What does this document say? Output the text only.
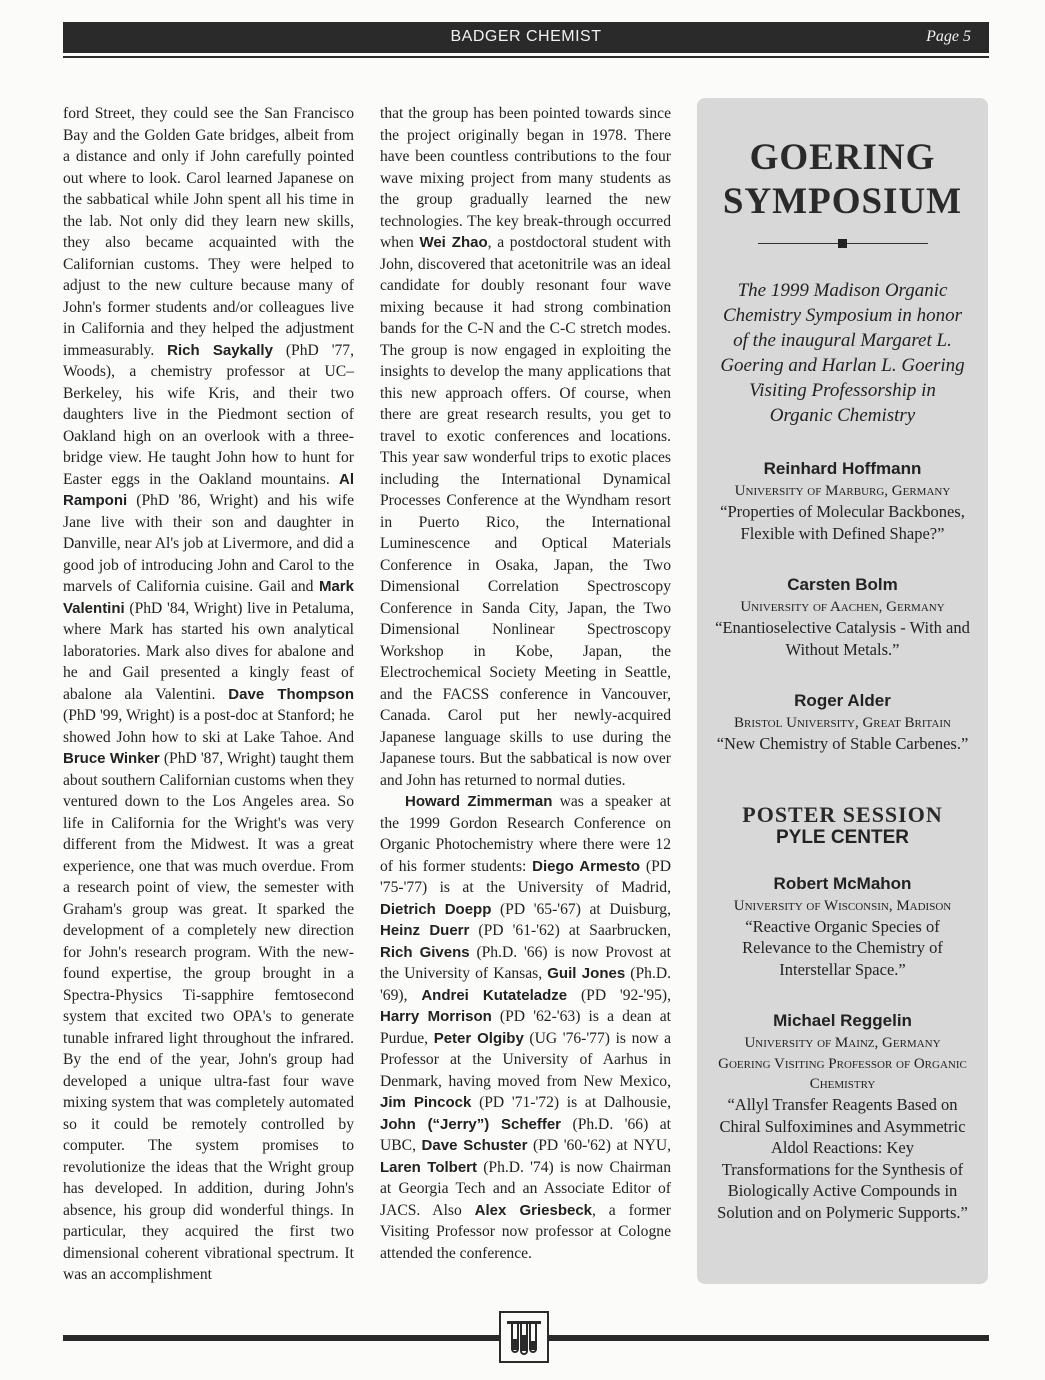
BADGER CHEMIST	Page 5

ford Street, they could see the San Francisco Bay and the Golden Gate bridges, albeit from a distance and only if John carefully pointed out where to look. Carol learned Japanese on the sabbatical while John spent all his time in the lab. Not only did they learn new skills, they also became acquainted with the Californian customs. They were helped to adjust to the new culture because many of John's former students and/or colleagues live in California and they helped the adjustment immeasurably. Rich Saykally (PhD '77, Woods), a chemistry professor at UC–Berkeley, his wife Kris, and their two daughters live in the Piedmont section of Oakland high on an overlook with a three-bridge view. He taught John how to hunt for Easter eggs in the Oakland mountains. Al Ramponi (PhD '86, Wright) and his wife Jane live with their son and daughter in Danville, near Al's job at Livermore, and did a good job of introducing John and Carol to the marvels of California cuisine. Gail and Mark Valentini (PhD '84, Wright) live in Petaluma, where Mark has started his own analytical laboratories. Mark also dives for abalone and he and Gail presented a kingly feast of abalone ala Valentini. Dave Thompson (PhD '99, Wright) is a post-doc at Stanford; he showed John how to ski at Lake Tahoe. And Bruce Winker (PhD '87, Wright) taught them about southern Californian customs when they ventured down to the Los Angeles area. So life in California for the Wright's was very different from the Midwest. It was a great experience, one that was much overdue. From a research point of view, the semester with Graham's group was great. It sparked the development of a completely new direction for John's research program. With the new-found expertise, the group brought in a Spectra-Physics Ti-sapphire femtosecond system that excited two OPA's to generate tunable infrared light throughout the infrared. By the end of the year, John's group had developed a unique ultra-fast four wave mixing system that was completely automated so it could be remotely controlled by computer. The system promises to revolutionize the ideas that the Wright group has developed. In addition, during John's absence, his group did wonderful things. In particular, they acquired the first two dimensional coherent vibrational spectrum. It was an accomplishment

that the group has been pointed towards since the project originally began in 1978. There have been countless contributions to the four wave mixing project from many students as the group gradually learned the new technologies. The key break-through occurred when Wei Zhao, a postdoctoral student with John, discovered that acetonitrile was an ideal candidate for doubly resonant four wave mixing because it had strong combination bands for the C-N and the C-C stretch modes. The group is now engaged in exploiting the insights to develop the many applications that this new approach offers. Of course, when there are great research results, you get to travel to exotic conferences and locations. This year saw wonderful trips to exotic places including the International Dynamical Processes Conference at the Wyndham resort in Puerto Rico, the International Luminescence and Optical Materials Conference in Osaka, Japan, the Two Dimensional Correlation Spectroscopy Conference in Sanda City, Japan, the Two Dimensional Nonlinear Spectroscopy Workshop in Kobe, Japan, the Electrochemical Society Meeting in Seattle, and the FACSS conference in Vancouver, Canada. Carol put her newly-acquired Japanese language skills to use during the Japanese tours. But the sabbatical is now over and John has returned to normal duties.

Howard Zimmerman was a speaker at the 1999 Gordon Research Conference on Organic Photochemistry where there were 12 of his former students: Diego Armesto (PD '75-'77) is at the University of Madrid, Dietrich Doepp (PD '65-'67) at Duisburg, Heinz Duerr (PD '61-'62) at Saarbrucken, Rich Givens (Ph.D. '66) is now Provost at the University of Kansas, Guil Jones (Ph.D. '69), Andrei Kutateladze (PD '92-'95), Harry Morrison (PD '62-'63) is a dean at Purdue, Peter Olgiby (UG '76-'77) is now a Professor at the University of Aarhus in Denmark, having moved from New Mexico, Jim Pincock (PD '71-'72) is at Dalhousie, John (“Jerry”) Scheffer (Ph.D. '66) at UBC, Dave Schuster (PD '60-'62) at NYU, Laren Tolbert (Ph.D. '74) is now Chairman at Georgia Tech and an Associate Editor of JACS. Also Alex Griesbeck, a former Visiting Professor now professor at Cologne attended the conference.

GOERING
SYMPOSIUM
The 1999 Madison Organic Chemistry Symposium in honor of the inaugural Margaret L. Goering and Harlan L. Goering Visiting Professorship in Organic Chemistry
Reinhard Hoffmann
University of Marburg, Germany
“Properties of Molecular Backbones, Flexible with Defined Shape?”
Carsten Bolm
University of Aachen, Germany
“Enantioselective Catalysis - With and Without Metals.”
Roger Alder
Bristol University, Great Britain
“New Chemistry of Stable Carbenes.”
POSTER SESSION
PYLE CENTER
Robert McMahon
University of Wisconsin, Madison
“Reactive Organic Species of Relevance to the Chemistry of Interstellar Space.”
Michael Reggelin
University of Mainz, Germany
Goering Visiting Professor of Organic Chemistry
“Allyl Transfer Reagents Based on Chiral Sulfoximines and Asymmetric Aldol Reactions: Key Transformations for the Synthesis of Biologically Active Compounds in Solution and on Polymeric Supports.”
